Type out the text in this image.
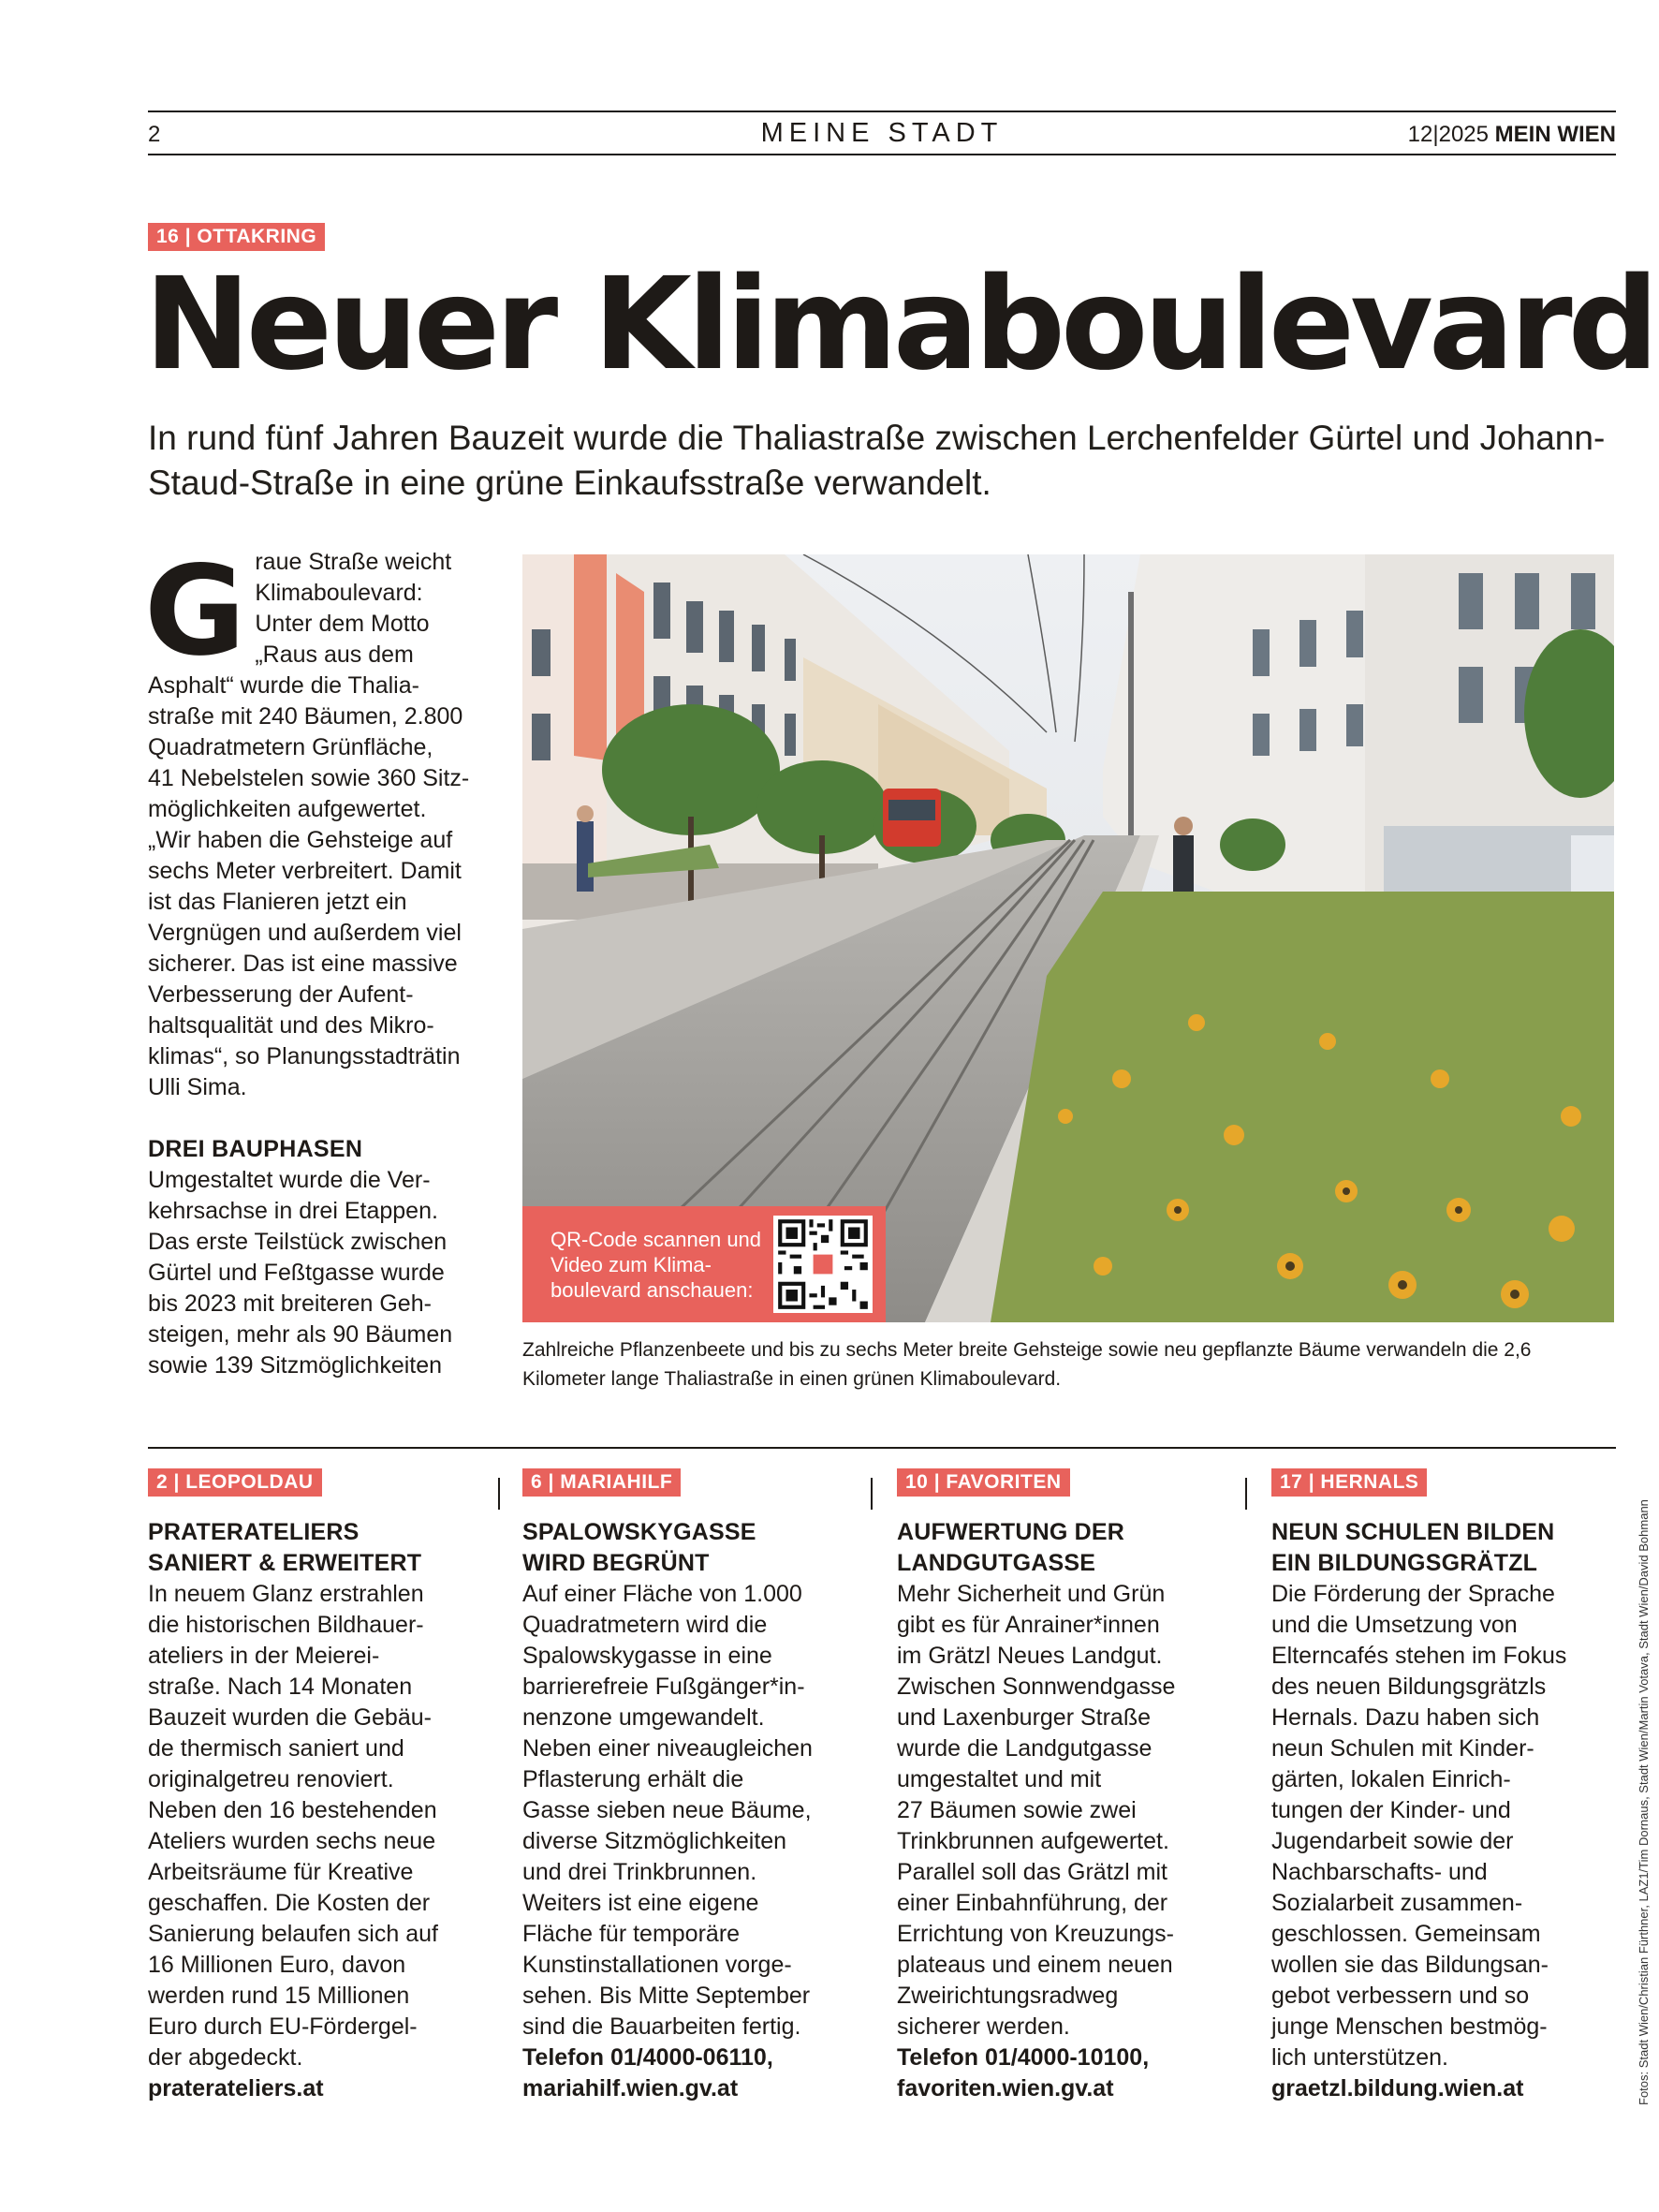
2	MEINE STADT	12|2025 MEIN WIEN
16 | OTTAKRING
Neuer Klimaboulevard

In rund fünf Jahren Bauzeit wurde die Thaliastraße zwischen Lerchenfelder Gürtel und Johann-Staud-Straße in eine grüne Einkaufsstraße verwandelt.

G raue Straße weicht
Klimaboulevard:
Unter dem Motto
„Raus aus dem
Asphalt“ wurde die Thalia-
straße mit 240 Bäumen, 2.800
Quadratmetern Grünfläche,
41 Nebelstelen sowie 360 Sitz-
möglichkeiten aufgewertet.
„Wir haben die Gehsteige auf
sechs Meter verbreitert. Damit
ist das Flanieren jetzt ein
Vergnügen und außerdem viel
sicherer. Das ist eine massive
Verbesserung der Aufent-
haltsqualität und des Mikro-
klimas“, so Planungsstadträtin
Ulli Sima.
DREI BAUPHASEN
Umgestaltet wurde die Ver-
kehrsachse in drei Etappen.
Das erste Teilstück zwischen
Gürtel und Feßtgasse wurde
bis 2023 mit breiteren Geh-
steigen, mehr als 90 Bäumen
sowie 139 Sitzmöglichkeiten
QR-Code scannen und
Video zum Klima-
boulevard anschauen:

Zahlreiche Pflanzenbeete und bis zu sechs Meter breite Gehsteige sowie neu gepflanzte Bäume verwandeln die 2,6 Kilometer lange Thaliastraße in einen grünen Klimaboulevard.

2 | LEOPOLDAU
PRATERATELIERS
SANIERT & ERWEITERT
In neuem Glanz erstrahlen
die historischen Bildhauer-
ateliers in der Meierei-
straße. Nach 14 Monaten
Bauzeit wurden die Gebäu-
de thermisch saniert und
originalgetreu renoviert.
Neben den 16 bestehenden
Ateliers wurden sechs neue
Arbeitsräume für Kreative
geschaffen. Die Kosten der
Sanierung belaufen sich auf
16 Millionen Euro, davon
werden rund 15 Millionen
Euro durch EU-Fördergel-
der abgedeckt.
praterateliers.at
6 | MARIAHILF
SPALOWSKYGASSE
WIRD BEGRÜNT
Auf einer Fläche von 1.000
Quadratmetern wird die
Spalowskygasse in eine
barrierefreie Fußgänger*in-
nenzone umgewandelt.
Neben einer niveaugleichen
Pflasterung erhält die
Gasse sieben neue Bäume,
diverse Sitzmöglichkeiten
und drei Trinkbrunnen.
Weiters ist eine eigene
Fläche für temporäre
Kunstinstallationen vorge-
sehen. Bis Mitte September
sind die Bauarbeiten fertig.
Telefon 01/4000-06110,
mariahilf.wien.gv.at
10 | FAVORITEN
AUFWERTUNG DER
LANDGUTGASSE
Mehr Sicherheit und Grün
gibt es für Anrainer*innen
im Grätzl Neues Landgut.
Zwischen Sonnwendgasse
und Laxenburger Straße
wurde die Landgutgasse
umgestaltet und mit
27 Bäumen sowie zwei
Trinkbrunnen aufgewertet.
Parallel soll das Grätzl mit
einer Einbahnführung, der
Errichtung von Kreuzungs-
plateaus und einem neuen
Zweirichtungsradweg
sicherer werden.
Telefon 01/4000-10100,
favoriten.wien.gv.at
17 | HERNALS
NEUN SCHULEN BILDEN
EIN BILDUNGSGRÄTZL
Die Förderung der Sprache
und die Umsetzung von
Elterncafés stehen im Fokus
des neuen Bildungsgrätzls
Hernals. Dazu haben sich
neun Schulen mit Kinder-
gärten, lokalen Einrich-
tungen der Kinder- und
Jugendarbeit sowie der
Nachbarschafts- und
Sozialarbeit zusammen-
geschlossen. Gemeinsam
wollen sie das Bildungsan-
gebot verbessern und so
junge Menschen bestmög-
lich unterstützen.
graetzl.bildung.wien.at	Fotos: Stadt Wien/Christian Fürthner, LAZ1/Tim Dornaus, Stadt Wien/Martin Votava, Stadt Wien/David Bohmann
